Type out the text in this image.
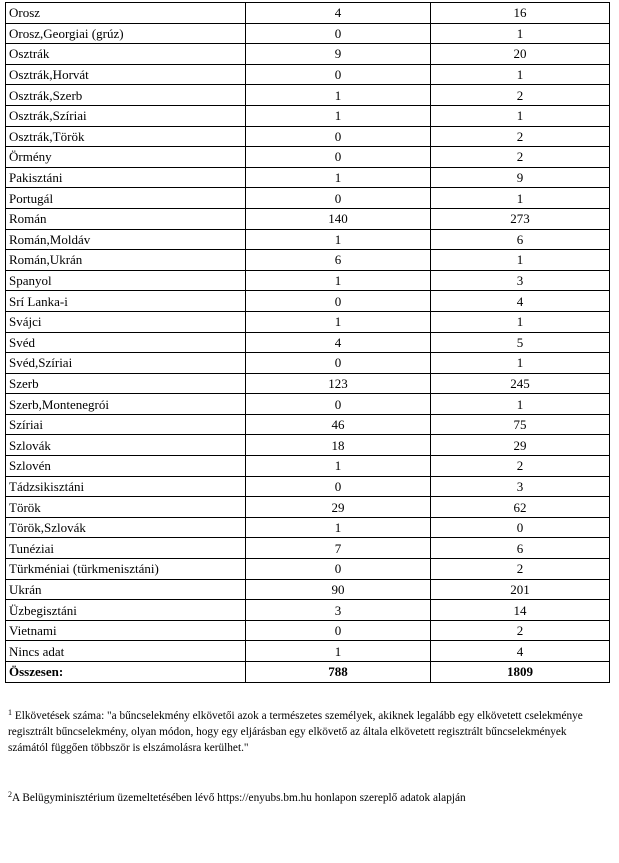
Orosz	4	16
Orosz,Georgiai (grúz)	0	1
Osztrák	9	20
Osztrák,Horvát	0	1
Osztrák,Szerb	1	2
Osztrák,Szíriai	1	1
Osztrák,Török	0	2
Örmény	0	2
Pakisztáni	1	9
Portugál	0	1
Román	140	273
Román,Moldáv	1	6
Román,Ukrán	6	1
Spanyol	1	3
Srí Lanka-i	0	4
Svájci	1	1
Svéd	4	5
Svéd,Szíriai	0	1
Szerb	123	245
Szerb,Montenegrói	0	1
Szíriai	46	75
Szlovák	18	29
Szlovén	1	2
Tádzsikisztáni	0	3
Török	29	62
Török,Szlovák	1	0
Tunéziai	7	6
Türkméniai (türkmenisztáni)	0	2
Ukrán	90	201
Üzbegisztáni	3	14
Vietnami	0	2
Nincs adat	1	4
Összesen:	788	1809
$^1$ Elkövetések száma: "a bűncselekmény elkövetői azok a természetes személyek, akiknek legalább egy elkövetett cselekménye regisztrált bűncselekmény, olyan módon, hogy egy eljárásban egy elkövető az általa elkövetett regisztrált bűncselekmények számától függően többször is elszámolásra kerülhet."
$^2$A Belügyminisztérium üzemeltetésében lévő https://enyubs.bm.hu honlapon szereplő adatok alapján
